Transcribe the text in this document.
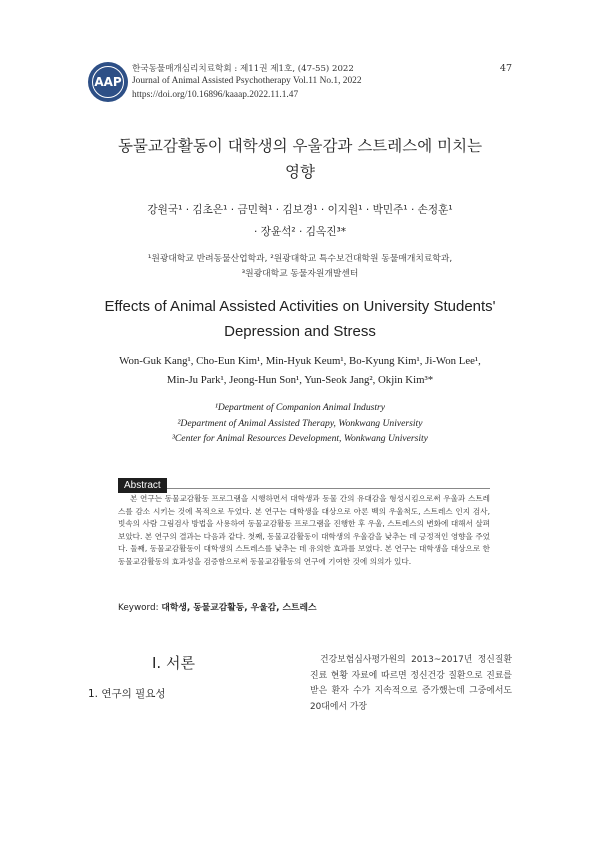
AAP
한국동물매개심리치료학회 : 제11권 제1호, (47-55) 2022
Journal of Animal Assisted Psychotherapy Vol.11 No.1, 2022
https://doi.org/10.16896/kaaap.2022.11.1.47
47
동물교감활동이 대학생의 우울감과 스트레스에 미치는
영향
강원국¹ · 김초은¹ · 금민혁¹ · 김보경¹ · 이지원¹ · 박민주¹ · 손정훈¹
· 장윤석² · 김옥진³*
¹원광대학교 반려동물산업학과, ²원광대학교 특수보건대학원 동물매개치료학과,
³원광대학교 동물자원개발센터
Effects of Animal Assisted Activities on University Students'
Depression and Stress
Won-Guk Kang¹, Cho-Eun Kim¹, Min-Hyuk Keum¹, Bo-Kyung Kim¹, Ji-Won Lee¹,
Min-Ju Park¹, Jeong-Hun Son¹, Yun-Seok Jang², Okjin Kim³*
¹Department of Companion Animal Industry
²Department of Animal Assisted Therapy, Wonkwang University
³Center for Animal Resources Development, Wonkwang University
Abstract
본 연구는 동물교감활동 프로그램을 시행하면서 대학생과 동물 간의 유대감을 형성시킴으로써 우울과 스트레스를 감소 시키는 것에 목적으로 두었다. 본 연구는 대학생을 대상으로 아론 벡의 우울척도, 스트레스 인지 검사, 빗속의 사람 그림검사 방법을 사용하여 동물교감활동 프로그램을 진행한 후 우울, 스트레스의 변화에 대해서 살펴보았다. 본 연구의 결과는 다음과 같다. 첫째, 동물교감활동이 대학생의 우울감을 낮추는 데 긍정적인 영향을 주었다. 둘째, 동물교감활동이 대학생의 스트레스를 낮추는 데 유의한 효과를 보였다. 본 연구는 대학생을 대상으로 한 동물교감활동의 효과성을 검증함으로써 동물교감활동의 연구에 기여한 것에 의의가 있다.
Keyword: 대학생, 동물교감활동, 우울감, 스트레스
Ⅰ. 서론
1. 연구의 필요성
건강보험심사평가원의 2013~2017년 정신질환 진료 현황 자료에 따르면 정신건강 질환으로 진료를 받은 환자 수가 지속적으로 증가했는데 그중에서도 20대에서 가장
